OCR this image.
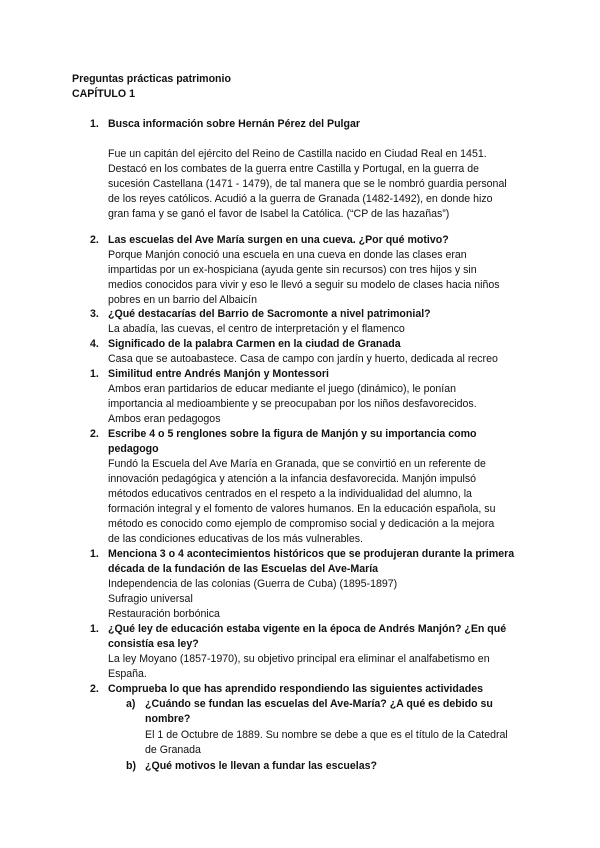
Preguntas prácticas patrimonio
CAPÍTULO 1
1. Busca información sobre Hernán Pérez del Pulgar
Fue un capitán del ejército del Reino de Castilla nacido en Ciudad Real en 1451.
Destacó en los combates de la guerra entre Castilla y Portugal, en la guerra de
sucesión Castellana (1471 - 1479), de tal manera que se le nombró guardia personal
de los reyes católicos. Acudió a la guerra de Granada (1482-1492), en donde hizo
gran fama y se ganó el favor de Isabel la Católica. (“CP de las hazañas”)
2. Las escuelas del Ave María surgen en una cueva. ¿Por qué motivo?
Porque Manjón conoció una escuela en una cueva en donde las clases eran
impartidas por un ex-hospiciana (ayuda gente sin recursos) con tres hijos y sin
medios conocidos para vivir y eso le llevó a seguir su modelo de clases hacia niños
pobres en un barrio del Albaicín
3. ¿Qué destacarías del Barrio de Sacromonte a nivel patrimonial?
La abadía, las cuevas, el centro de interpretación y el flamenco
4. Significado de la palabra Carmen en la ciudad de Granada
Casa que se autoabastece. Casa de campo con jardín y huerto, dedicada al recreo
1. Similitud entre Andrés Manjón y Montessori
Ambos eran partidarios de educar mediante el juego (dinámico), le ponían
importancia al medioambiente y se preocupaban por los niños desfavorecidos.
Ambos eran pedagogos
2. Escribe 4 o 5 renglones sobre la figura de Manjón y su importancia como
pedagogo
Fundó la Escuela del Ave María en Granada, que se convirtió en un referente de
innovación pedagógica y atención a la infancia desfavorecida. Manjón impulsó
métodos educativos centrados en el respeto a la individualidad del alumno, la
formación integral y el fomento de valores humanos. En la educación española, su
método es conocido como ejemplo de compromiso social y dedicación a la mejora
de las condiciones educativas de los más vulnerables.
1. Menciona 3 o 4 acontecimientos históricos que se produjeran durante la primera
década de la fundación de las Escuelas del Ave-María
Independencia de las colonias (Guerra de Cuba) (1895-1897)
Sufragio universal
Restauración borbónica
1. ¿Qué ley de educación estaba vigente en la época de Andrés Manjón? ¿En qué
consistía esa ley?
La ley Moyano (1857-1970), su objetivo principal era eliminar el analfabetismo en
España.
2. Comprueba lo que has aprendido respondiendo las siguientes actividades
a) ¿Cuándo se fundan las escuelas del Ave-María? ¿A qué es debido su
nombre?
El 1 de Octubre de 1889. Su nombre se debe a que es el título de la Catedral
de Granada
b) ¿Qué motivos le llevan a fundar las escuelas?
